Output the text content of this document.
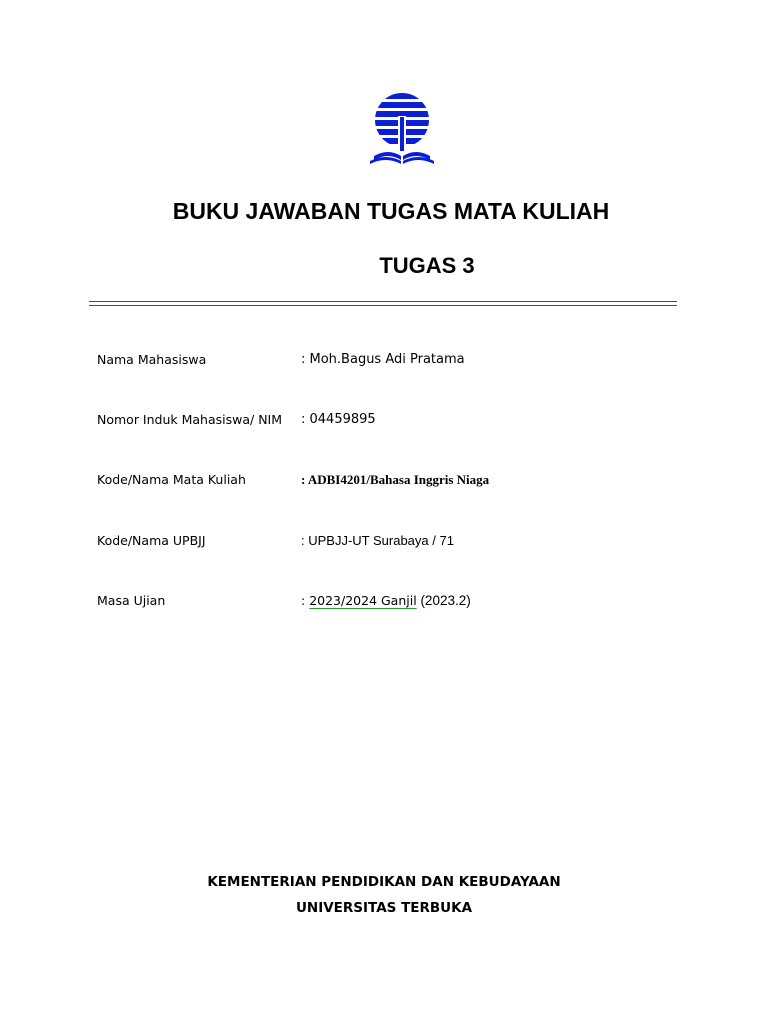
BUKU JAWABAN TUGAS MATA KULIAH
TUGAS 3
Nama Mahasiswa	: Moh.Bagus Adi Pratama
Nomor Induk Mahasiswa/ NIM : 04459895
Kode/Nama Mata Kuliah	: ADBI4201/Bahasa Inggris Niaga
Kode/Nama UPBJJ	: UPBJJ-UT Surabaya / 71
Masa Ujian	: 2023/2024 Ganjil (2023.2)
KEMENTERIAN PENDIDIKAN DAN KEBUDAYAAN
UNIVERSITAS TERBUKA
